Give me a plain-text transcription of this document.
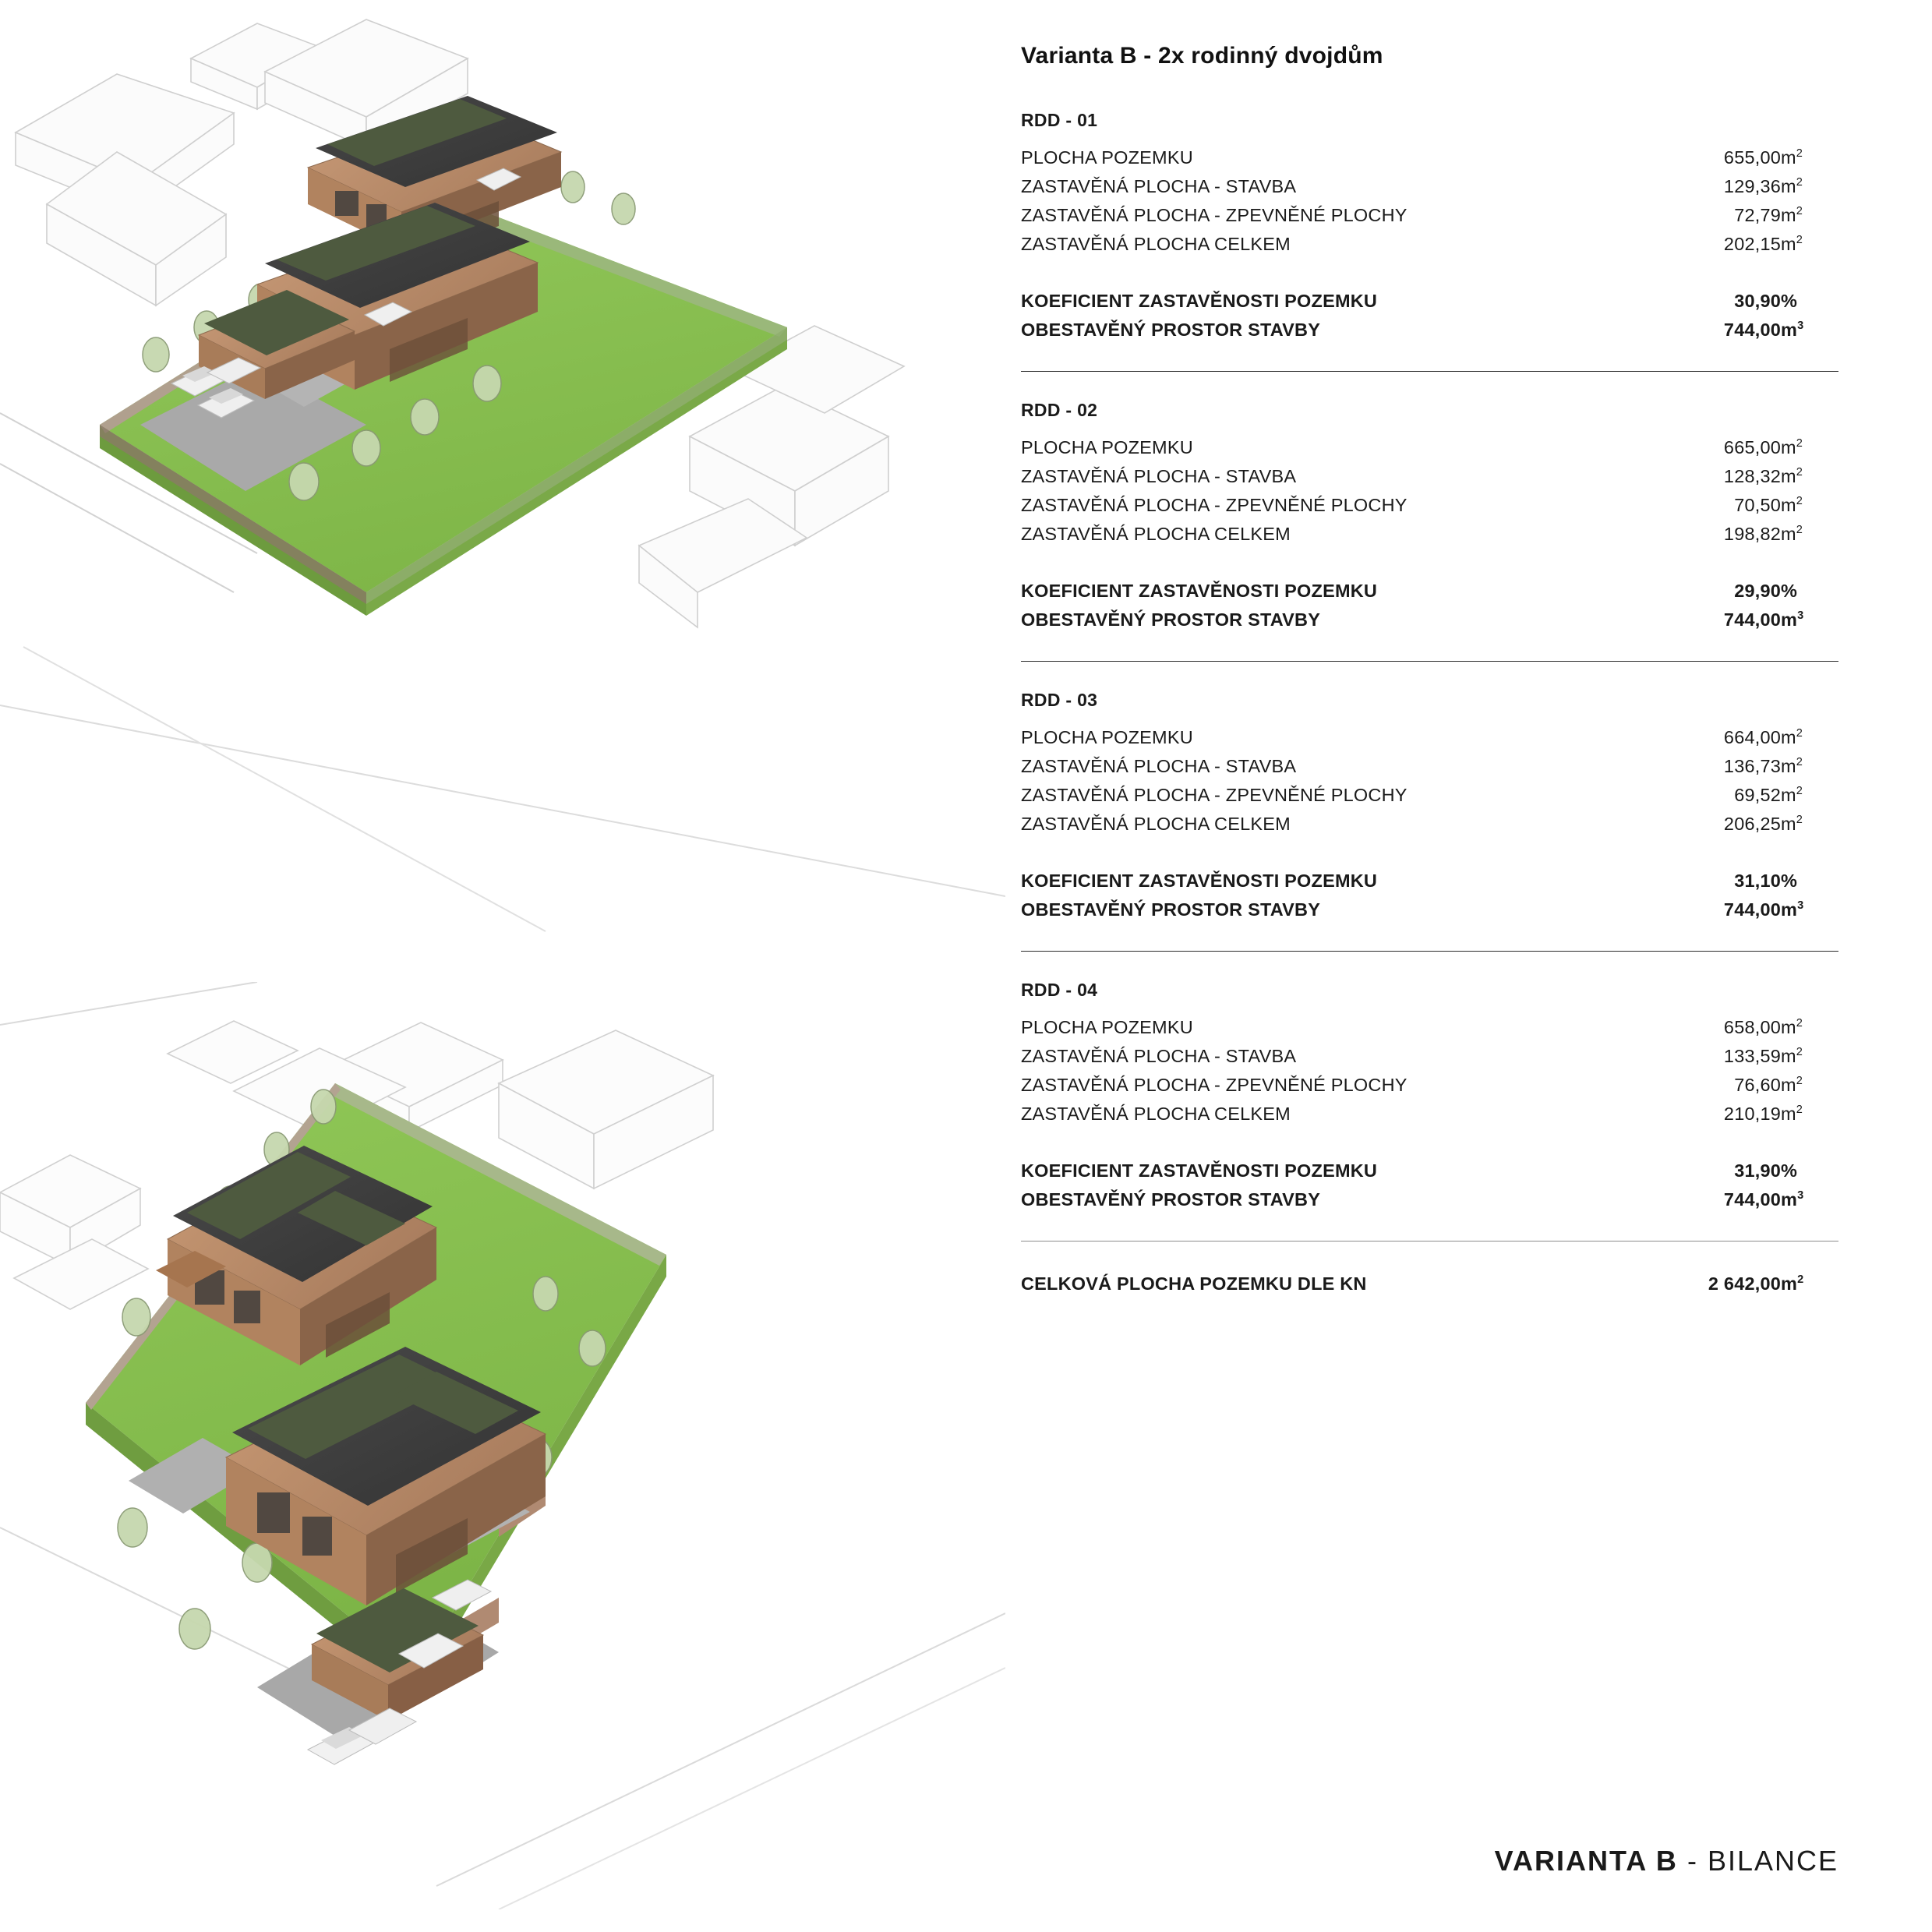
Varianta B - 2x rodinný dvojdům
RDD - 01
PLOCHA POZEMKU	655,00	$m^2$
ZASTAVĚNÁ PLOCHA - STAVBA	129,36	$m^2$
ZASTAVĚNÁ PLOCHA - ZPEVNĚNÉ PLOCHY	72,79	$m^2$
ZASTAVĚNÁ PLOCHA CELKEM	202,15	$m^2$

KOEFICIENT ZASTAVĚNOSTI POZEMKU	30,90	%
OBESTAVĚNÝ PROSTOR STAVBY	744,00	$m^3$
RDD - 02
PLOCHA POZEMKU	665,00	$m^2$
ZASTAVĚNÁ PLOCHA - STAVBA	128,32	$m^2$
ZASTAVĚNÁ PLOCHA - ZPEVNĚNÉ PLOCHY	70,50	$m^2$
ZASTAVĚNÁ PLOCHA CELKEM	198,82	$m^2$

KOEFICIENT ZASTAVĚNOSTI POZEMKU	29,90	%
OBESTAVĚNÝ PROSTOR STAVBY	744,00	$m^3$
RDD - 03
PLOCHA POZEMKU	664,00	$m^2$
ZASTAVĚNÁ PLOCHA - STAVBA	136,73	$m^2$
ZASTAVĚNÁ PLOCHA - ZPEVNĚNÉ PLOCHY	69,52	$m^2$
ZASTAVĚNÁ PLOCHA CELKEM	206,25	$m^2$

KOEFICIENT ZASTAVĚNOSTI POZEMKU	31,10	%
OBESTAVĚNÝ PROSTOR STAVBY	744,00	$m^3$
RDD - 04
PLOCHA POZEMKU	658,00	$m^2$
ZASTAVĚNÁ PLOCHA - STAVBA	133,59	$m^2$
ZASTAVĚNÁ PLOCHA - ZPEVNĚNÉ PLOCHY	76,60	$m^2$
ZASTAVĚNÁ PLOCHA CELKEM	210,19	$m^2$

KOEFICIENT ZASTAVĚNOSTI POZEMKU	31,90	%
OBESTAVĚNÝ PROSTOR STAVBY	744,00	$m^3$
CELKOVÁ PLOCHA POZEMKU DLE KN	2 642,00	$m^2$
VARIANTA B - BILANCE
